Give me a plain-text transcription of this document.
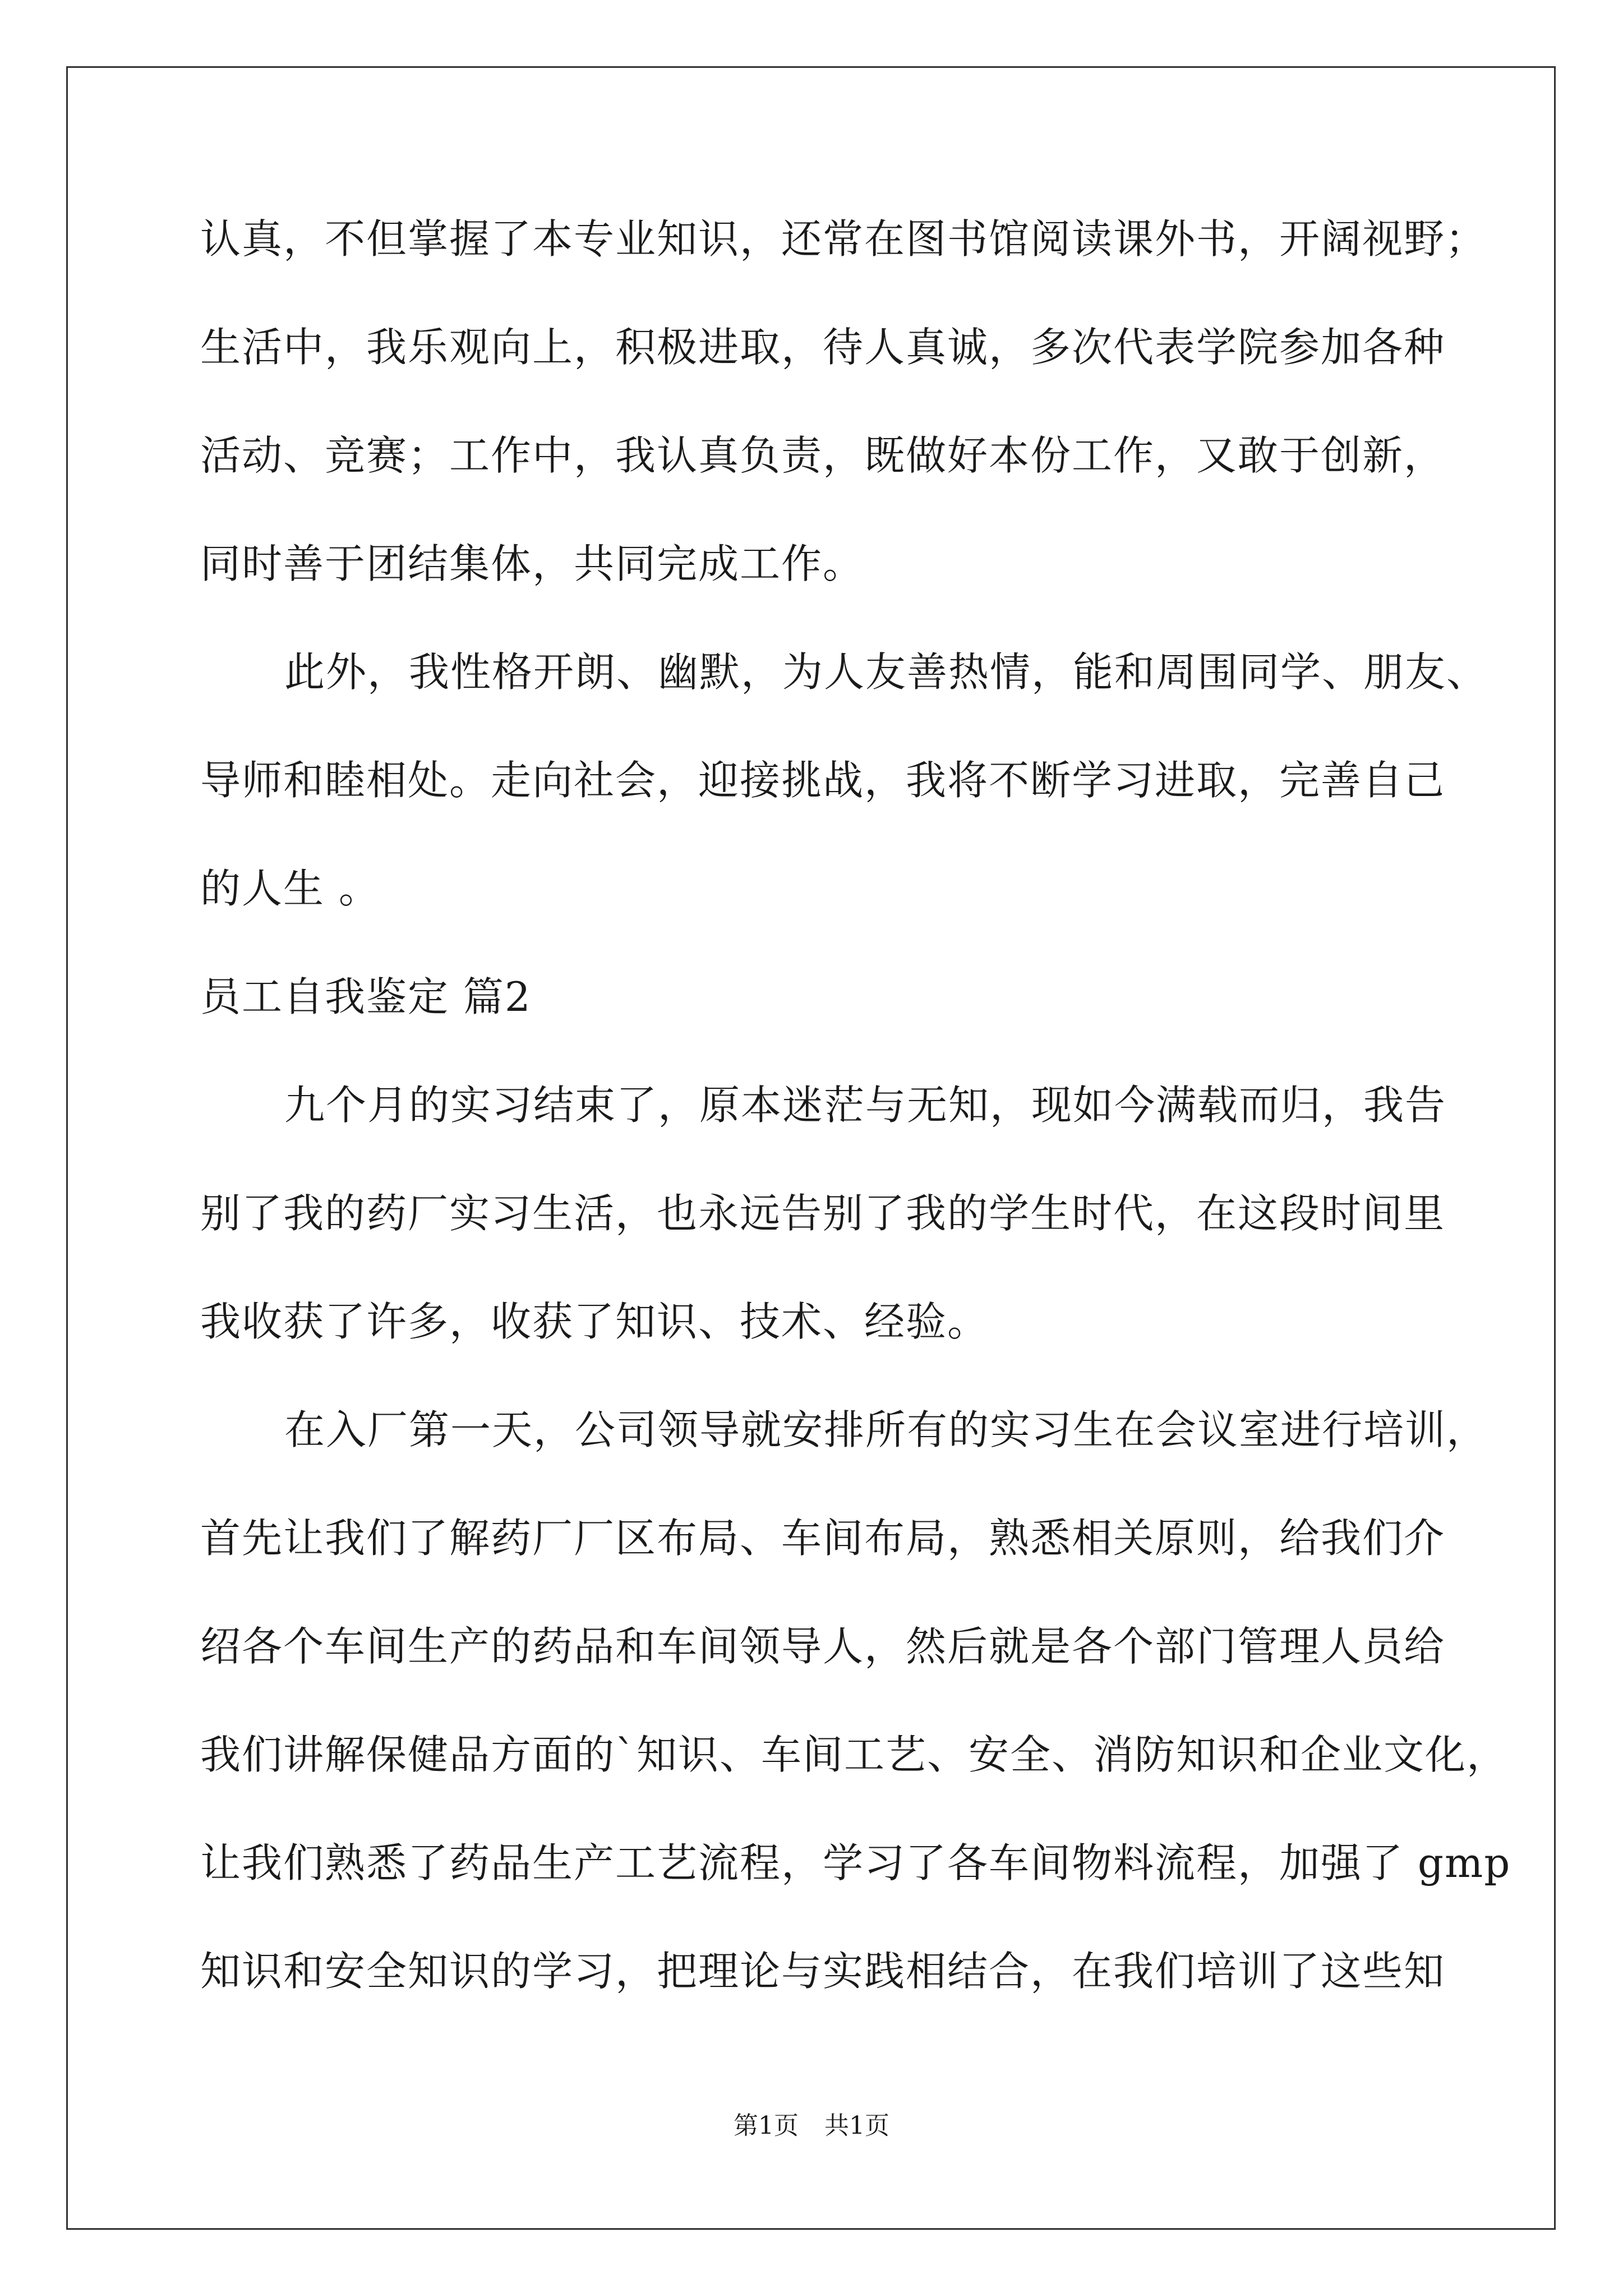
认真，不但掌握了本专业知识，还常在图书馆阅读课外书，开阔视野；
生活中，我乐观向上，积极进取，待人真诚，多次代表学院参加各种
活动、竞赛；工作中，我认真负责，既做好本份工作，又敢于创新，
同时善于团结集体，共同完成工作。
此外，我性格开朗、幽默，为人友善热情，能和周围同学、朋友、
导师和睦相处。走向社会，迎接挑战，我将不断学习进取，完善自己
的人生 。
员工自我鉴定 篇2
九个月的实习结束了，原本迷茫与无知，现如今满载而归，我告
别了我的药厂实习生活，也永远告别了我的学生时代，在这段时间里
我收获了许多，收获了知识、技术、经验。
在入厂第一天，公司领导就安排所有的实习生在会议室进行培训，
首先让我们了解药厂厂区布局、车间布局，熟悉相关原则，给我们介
绍各个车间生产的药品和车间领导人，然后就是各个部门管理人员给
我们讲解保健品方面的`知识、车间工艺、安全、消防知识和企业文化，
让我们熟悉了药品生产工艺流程，学习了各车间物料流程，加强了 gmp
知识和安全知识的学习，把理论与实践相结合，在我们培训了这些知
第1页 共1页
